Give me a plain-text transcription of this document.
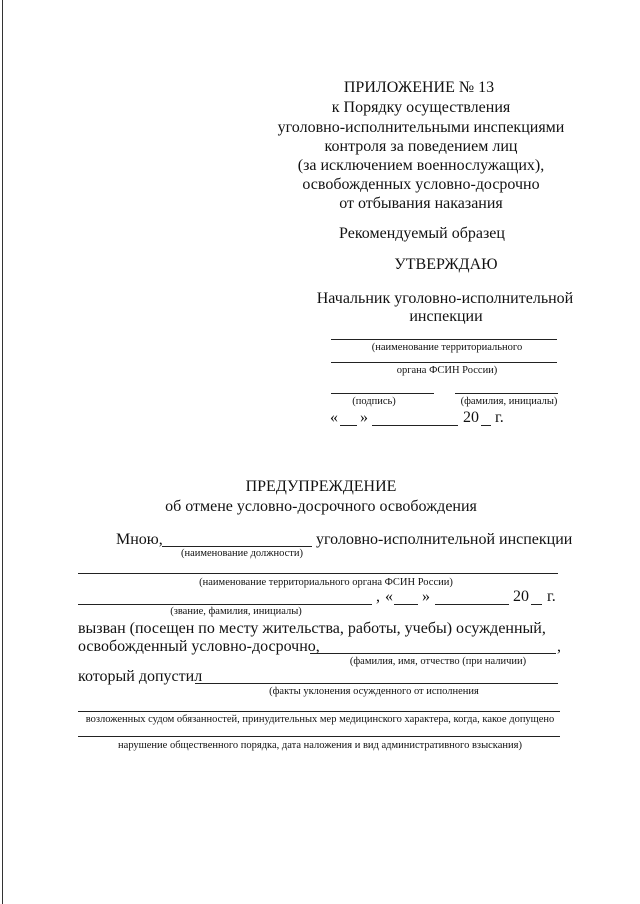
ПРИЛОЖЕНИЕ № 13
к Порядку осуществления
уголовно-исполнительными инспекциями
контроля за поведением лиц
(за исключением военнослужащих),
освобожденных условно-досрочно
от отбывания наказания
Рекомендуемый образец
УТВЕРЖДАЮ
Начальник уголовно-исполнительной
инспекции
(наименование территориального
органа ФСИН России)
(подпись)	(фамилия, инициалы)
« »	20 г.
ПРЕДУПРЕЖДЕНИЕ
об отмене условно-досрочного освобождения
Мною,	уголовно-исполнительной инспекции
(наименование должности)
(наименование территориального органа ФСИН России)
, « »	20 г.
(звание, фамилия, инициалы)
вызван (посещен по месту жительства, работы, учебы) осужденный,
освобожденный условно-досрочно,	,
(фамилия, имя, отчество (при наличии)
который допустил
(факты уклонения осужденного от исполнения
возложенных судом обязанностей, принудительных мер медицинского характера, когда, какое допущено
нарушение общественного порядка, дата наложения и вид административного взыскания)
